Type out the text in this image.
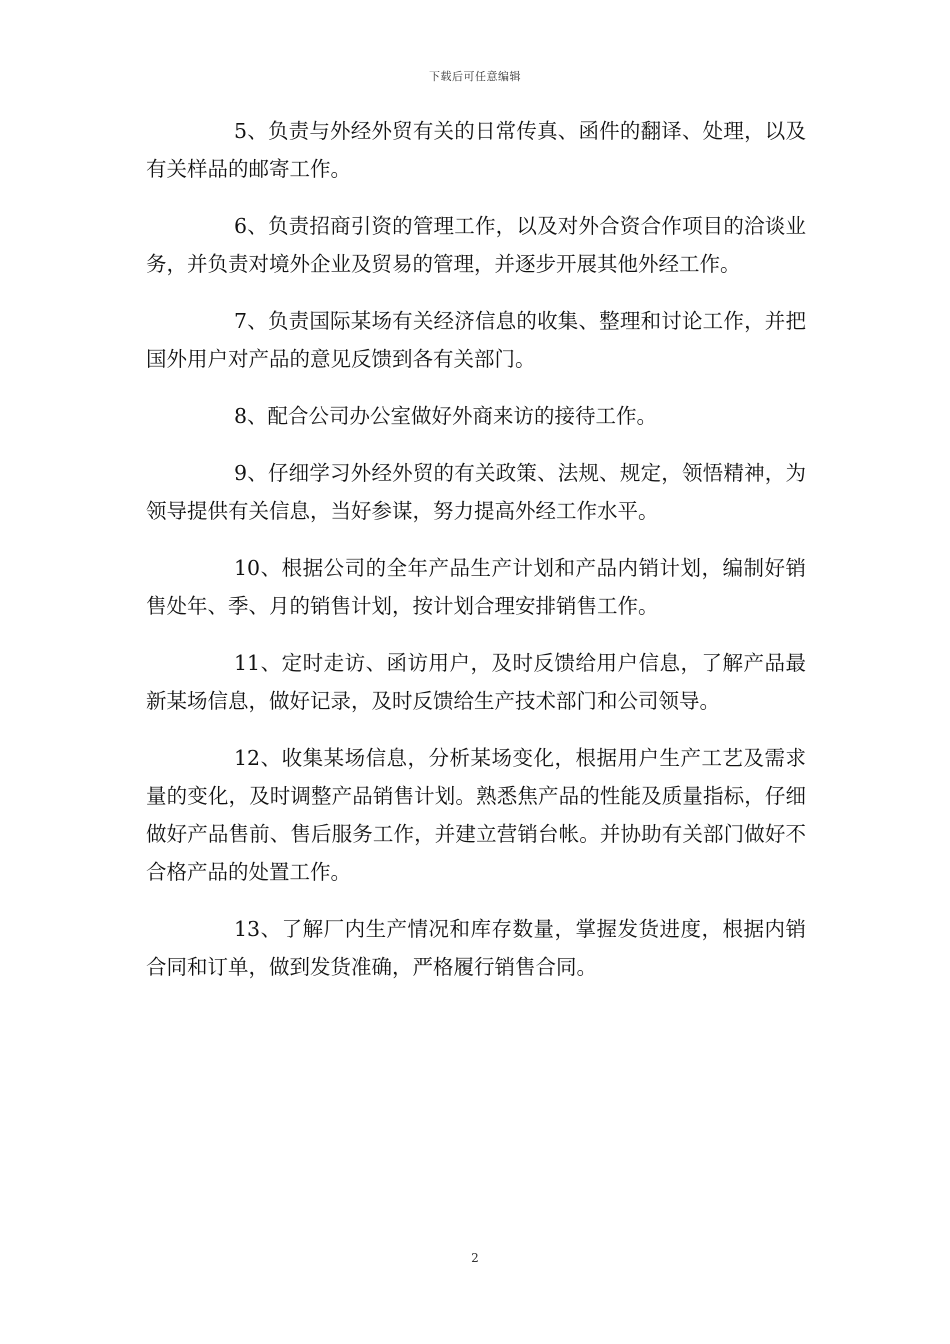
下载后可任意编辑

5、负责与外经外贸有关的日常传真、函件的翻译、处理，以及有关样品的邮寄工作。

6、负责招商引资的管理工作，以及对外合资合作项目的洽谈业务，并负责对境外企业及贸易的管理，并逐步开展其他外经工作。

7、负责国际某场有关经济信息的收集、整理和讨论工作，并把国外用户对产品的意见反馈到各有关部门。

8、配合公司办公室做好外商来访的接待工作。

9、仔细学习外经外贸的有关政策、法规、规定，领悟精神，为领导提供有关信息，当好参谋，努力提高外经工作水平。

10、根据公司的全年产品生产计划和产品内销计划，编制好销售处年、季、月的销售计划，按计划合理安排销售工作。

11、定时走访、函访用户，及时反馈给用户信息，了解产品最新某场信息，做好记录，及时反馈给生产技术部门和公司领导。

12、收集某场信息，分析某场变化，根据用户生产工艺及需求量的变化，及时调整产品销售计划。熟悉焦产品的性能及质量指标，仔细做好产品售前、售后服务工作，并建立营销台帐。并协助有关部门做好不合格产品的处置工作。

13、了解厂内生产情况和库存数量，掌握发货进度，根据内销合同和订单，做到发货准确，严格履行销售合同。

2
